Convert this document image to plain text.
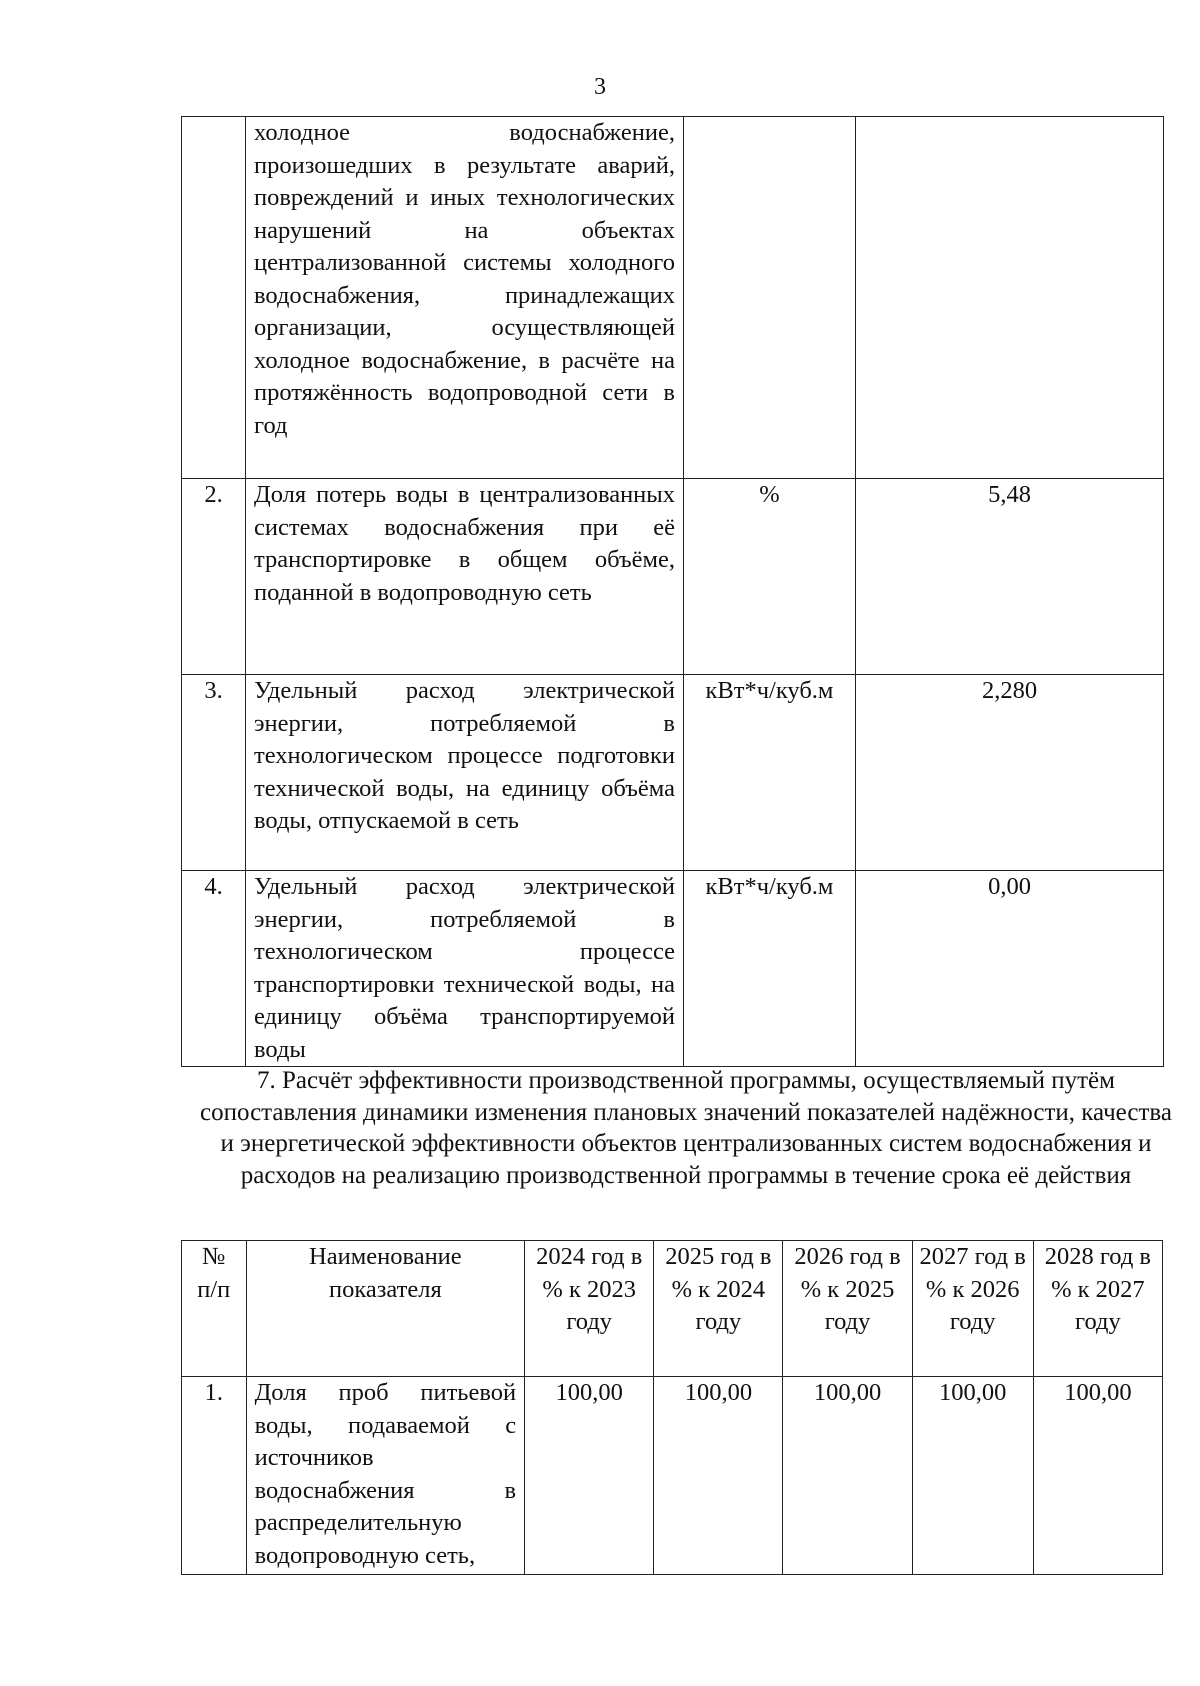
3
	холодное водоснабжение, произошедших в результате аварий, повреждений и иных технологических нарушений на объектах централизованной системы холодного водоснабжения, принадлежащих организации, осуществляющей холодное водоснабжение, в расчёте на протяжённость водопроводной сети в год		
2.	Доля потерь воды в централизованных системах водоснабжения при её транспортировке в общем объёме, поданной в водопроводную сеть	%	5,48
3.	Удельный расход электрической энергии, потребляемой в технологическом процессе подготовки технической воды, на единицу объёма воды, отпускаемой в сеть	кВт*ч/куб.м	2,280
4.	Удельный расход электрической энергии, потребляемой в технологическом процессе транспортировки технической воды, на единицу объёма транспортируемой воды	кВт*ч/куб.м	0,00
7. Расчёт эффективности производственной программы, осуществляемый путём сопоставления динамики изменения плановых значений показателей надёжности, качества и энергетической эффективности объектов централизованных систем водоснабжения и расходов на реализацию производственной программы в течение срока её действия
№ п/п	Наименование показателя	2024 год в % к 2023 году	2025 год в % к 2024 году	2026 год в % к 2025 году	2027 год в % к 2026 году	2028 год в % к 2027 году
1.	Доля проб питьевой воды, подаваемой с источников водоснабжения в распределительную водопроводную сеть,	100,00	100,00	100,00	100,00	100,00
